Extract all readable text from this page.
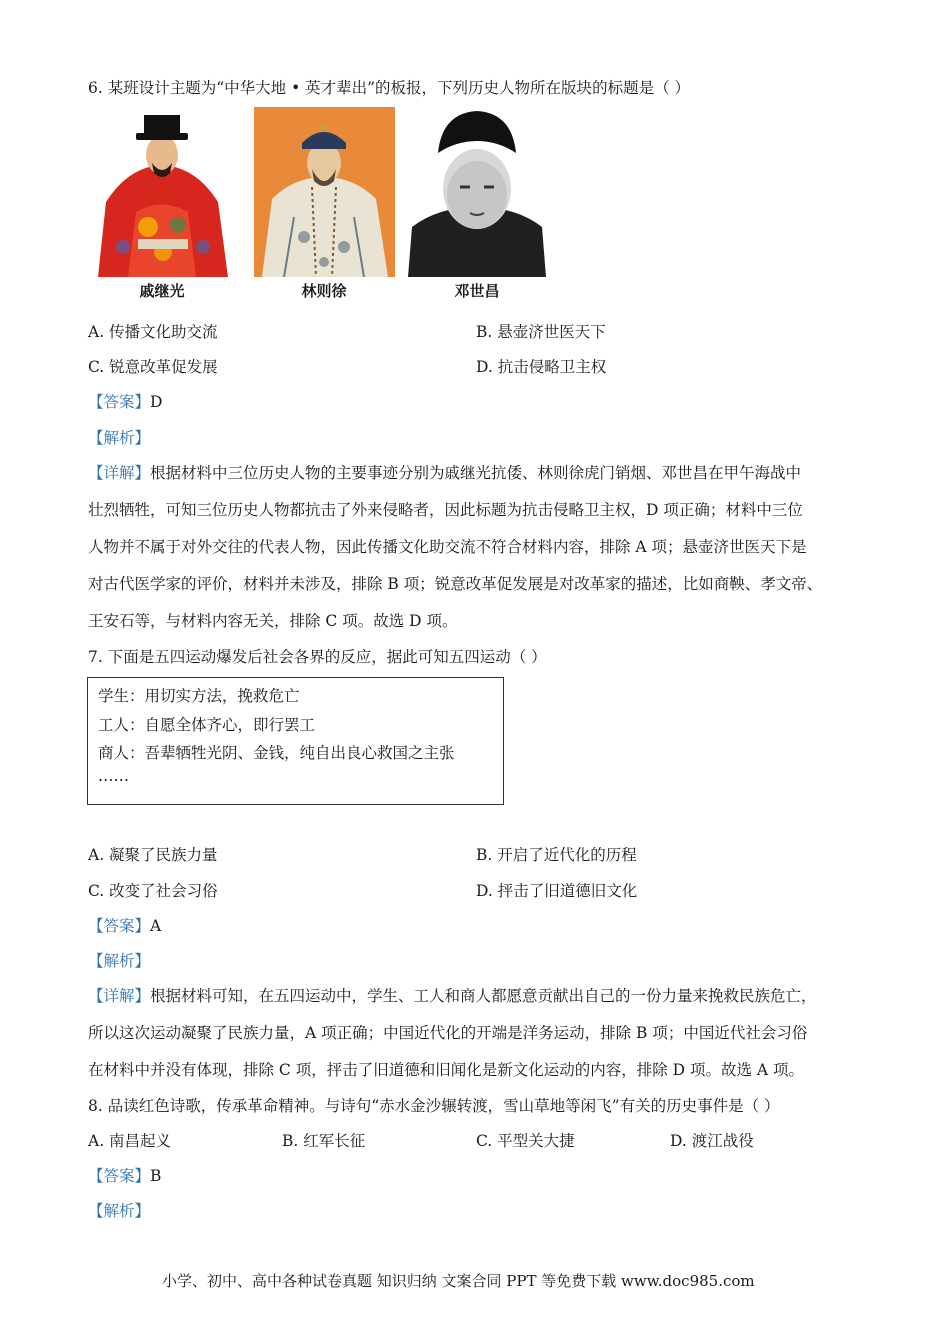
6. 某班设计主题为“中华大地 • 英才辈出”的板报，下列历史人物所在版块的标题是（ ）
戚继光	林则徐	邓世昌
A. 传播文化助交流	B. 悬壶济世医天下
C. 锐意改革促发展	D. 抗击侵略卫主权
【答案】D
【解析】
【详解】根据材料中三位历史人物的主要事迹分别为戚继光抗倭、林则徐虎门销烟、邓世昌在甲午海战中
壮烈牺牲，可知三位历史人物都抗击了外来侵略者，因此标题为抗击侵略卫主权，D 项正确；材料中三位
人物并不属于对外交往的代表人物，因此传播文化助交流不符合材料内容，排除 A 项；悬壶济世医天下是
对古代医学家的评价，材料并未涉及，排除 B 项；锐意改革促发展是对改革家的描述，比如商鞅、孝文帝、
王安石等，与材料内容无关，排除 C 项。故选 D 项。
7. 下面是五四运动爆发后社会各界的反应，据此可知五四运动（ ）
学生：用切实方法，挽救危亡
工人：自愿全体齐心，即行罢工
商人：吾辈牺牲光阴、金钱，纯自出良心救国之主张
……
A. 凝聚了民族力量	B. 开启了近代化的历程
C. 改变了社会习俗	D. 抨击了旧道德旧文化
【答案】A
【解析】
【详解】根据材料可知，在五四运动中，学生、工人和商人都愿意贡献出自己的一份力量来挽救民族危亡，
所以这次运动凝聚了民族力量，A 项正确；中国近代化的开端是洋务运动，排除 B 项；中国近代社会习俗
在材料中并没有体现，排除 C 项，抨击了旧道德和旧闻化是新文化运动的内容，排除 D 项。故选 A 项。
8. 品读红色诗歌，传承革命精神。与诗句“赤水金沙辗转渡，雪山草地等闲飞”有关的历史事件是（ ）
A. 南昌起义	B. 红军长征	C. 平型关大捷	D. 渡江战役
【答案】B
【解析】
小学、初中、高中各种试卷真题 知识归纳 文案合同 PPT 等免费下载 www.doc985.com
